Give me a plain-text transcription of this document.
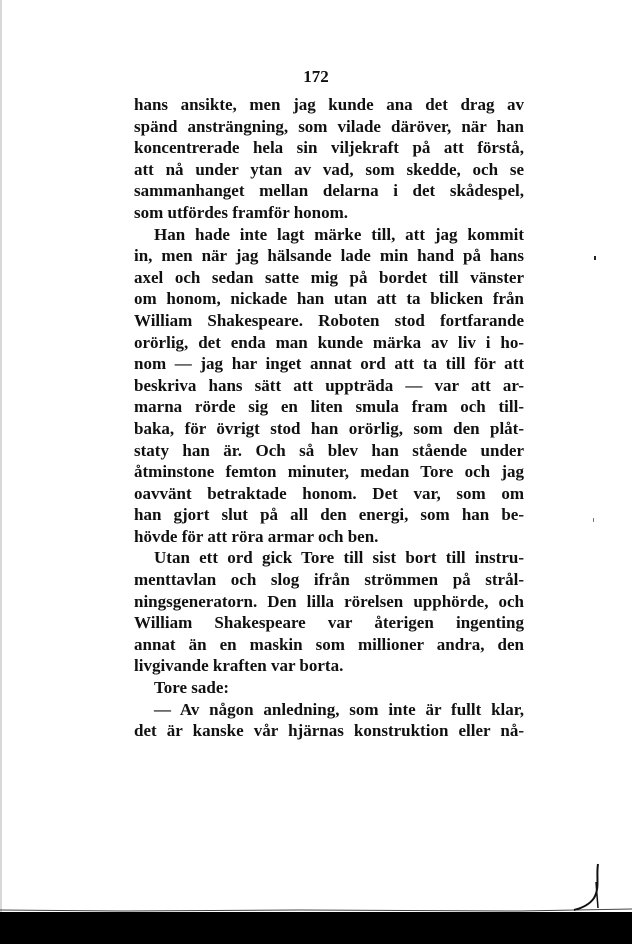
172
hans ansikte, men jag kunde ana det drag av
spänd ansträngning, som vilade däröver, när han
koncentrerade hela sin viljekraft på att förstå,
att nå under ytan av vad, som skedde, och se
sammanhanget mellan delarna i det skådespel,
som utfördes framför honom.
Han hade inte lagt märke till, att jag kommit
in, men när jag hälsande lade min hand på hans
axel och sedan satte mig på bordet till vänster
om honom, nickade han utan att ta blicken från
William Shakespeare. Roboten stod fortfarande
orörlig, det enda man kunde märka av liv i ho-
nom — jag har inget annat ord att ta till för att
beskriva hans sätt att uppträda — var att ar-
marna rörde sig en liten smula fram och till-
baka, för övrigt stod han orörlig, som den plåt-
staty han är. Och så blev han stående under
åtminstone femton minuter, medan Tore och jag
oavvänt betraktade honom. Det var, som om
han gjort slut på all den energi, som han be-
hövde för att röra armar och ben.
Utan ett ord gick Tore till sist bort till instru-
menttavlan och slog ifrån strömmen på strål-
ningsgeneratorn. Den lilla rörelsen upphörde, och
William Shakespeare var återigen ingenting
annat än en maskin som millioner andra, den
livgivande kraften var borta.
Tore sade:
— Av någon anledning, som inte är fullt klar,
det är kanske vår hjärnas konstruktion eller nå-
